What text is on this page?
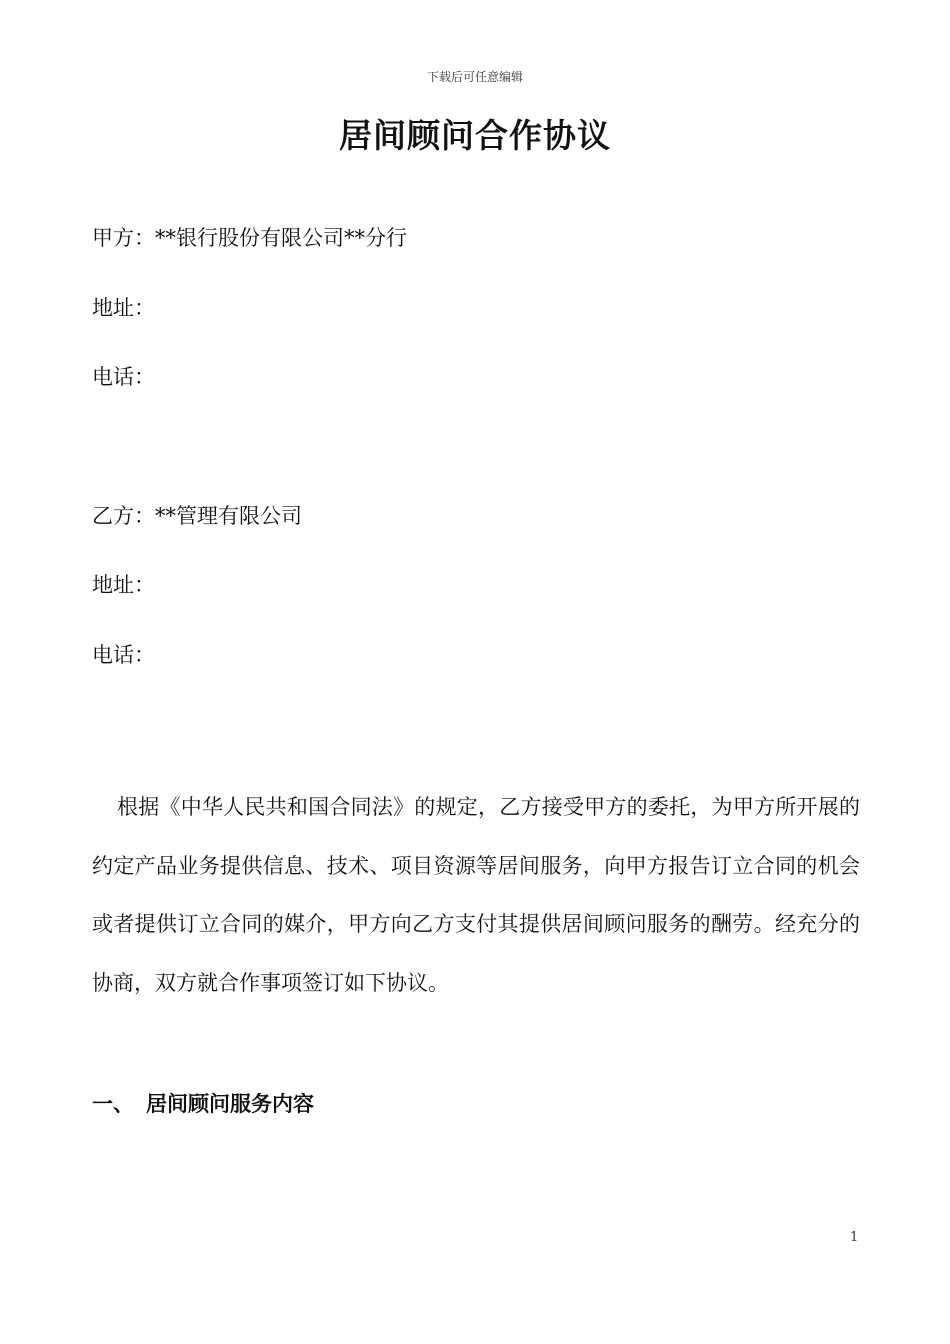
下载后可任意编辑
居间顾问合作协议
甲方：**银行股份有限公司**分行
地址：
电话：
乙方：**管理有限公司
地址：
电话：

根据《中华人民共和国合同法》的规定，乙方接受甲方的委托，为甲方所开展的约定产品业务提供信息、技术、项目资源等居间服务，向甲方报告订立合同的机会或者提供订立合同的媒介，甲方向乙方支付其提供居间顾问服务的酬劳。经充分的协商，双方就合作事项签订如下协议。

一、 居间顾问服务内容
1
